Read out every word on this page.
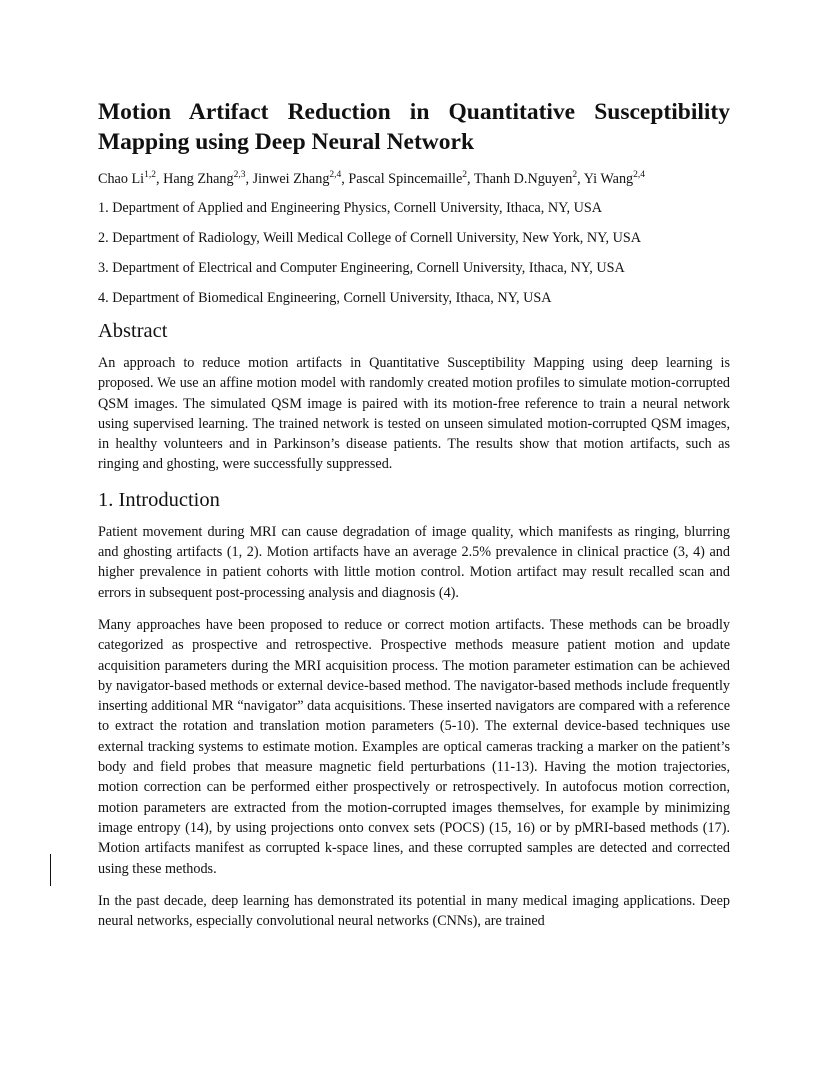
Motion Artifact Reduction in Quantitative Susceptibility Mapping using Deep Neural Network
Chao Li$^{1,2}$, Hang Zhang$^{2,3}$, Jinwei Zhang$^{2,4}$, Pascal Spincemaille$^2$, Thanh D.Nguyen$^2$, Yi Wang$^{2,4}$
1. Department of Applied and Engineering Physics, Cornell University, Ithaca, NY, USA
2. Department of Radiology, Weill Medical College of Cornell University, New York, NY, USA
3. Department of Electrical and Computer Engineering, Cornell University, Ithaca, NY, USA
4. Department of Biomedical Engineering, Cornell University, Ithaca, NY, USA
Abstract

An approach to reduce motion artifacts in Quantitative Susceptibility Mapping using deep learning is proposed. We use an affine motion model with randomly created motion profiles to simulate motion-corrupted QSM images. The simulated QSM image is paired with its motion-free reference to train a neural network using supervised learning. The trained network is tested on unseen simulated motion-corrupted QSM images, in healthy volunteers and in Parkinson’s disease patients. The results show that motion artifacts, such as ringing and ghosting, were successfully suppressed.

1. Introduction

Patient movement during MRI can cause degradation of image quality, which manifests as ringing, blurring and ghosting artifacts (1, 2). Motion artifacts have an average 2.5% prevalence in clinical practice (3, 4) and higher prevalence in patient cohorts with little motion control. Motion artifact may result recalled scan and errors in subsequent post-processing analysis and diagnosis (4).

Many approaches have been proposed to reduce or correct motion artifacts. These methods can be broadly categorized as prospective and retrospective. Prospective methods measure patient motion and update acquisition parameters during the MRI acquisition process. The motion parameter estimation can be achieved by navigator-based methods or external device-based method. The navigator-based methods include frequently inserting additional MR “navigator” data acquisitions. These inserted navigators are compared with a reference to extract the rotation and translation motion parameters (5-10). The external device-based techniques use external tracking systems to estimate motion. Examples are optical cameras tracking a marker on the patient’s body and field probes that measure magnetic field perturbations (11-13). Having the motion trajectories, motion correction can be performed either prospectively or retrospectively. In autofocus motion correction, motion parameters are extracted from the motion-corrupted images themselves, for example by minimizing image entropy (14), by using projections onto convex sets (POCS) (15, 16) or by pMRI-based methods (17). Motion artifacts manifest as corrupted k-space lines, and these corrupted samples are detected and corrected using these methods.

In the past decade, deep learning has demonstrated its potential in many medical imaging applications. Deep neural networks, especially convolutional neural networks (CNNs), are trained
